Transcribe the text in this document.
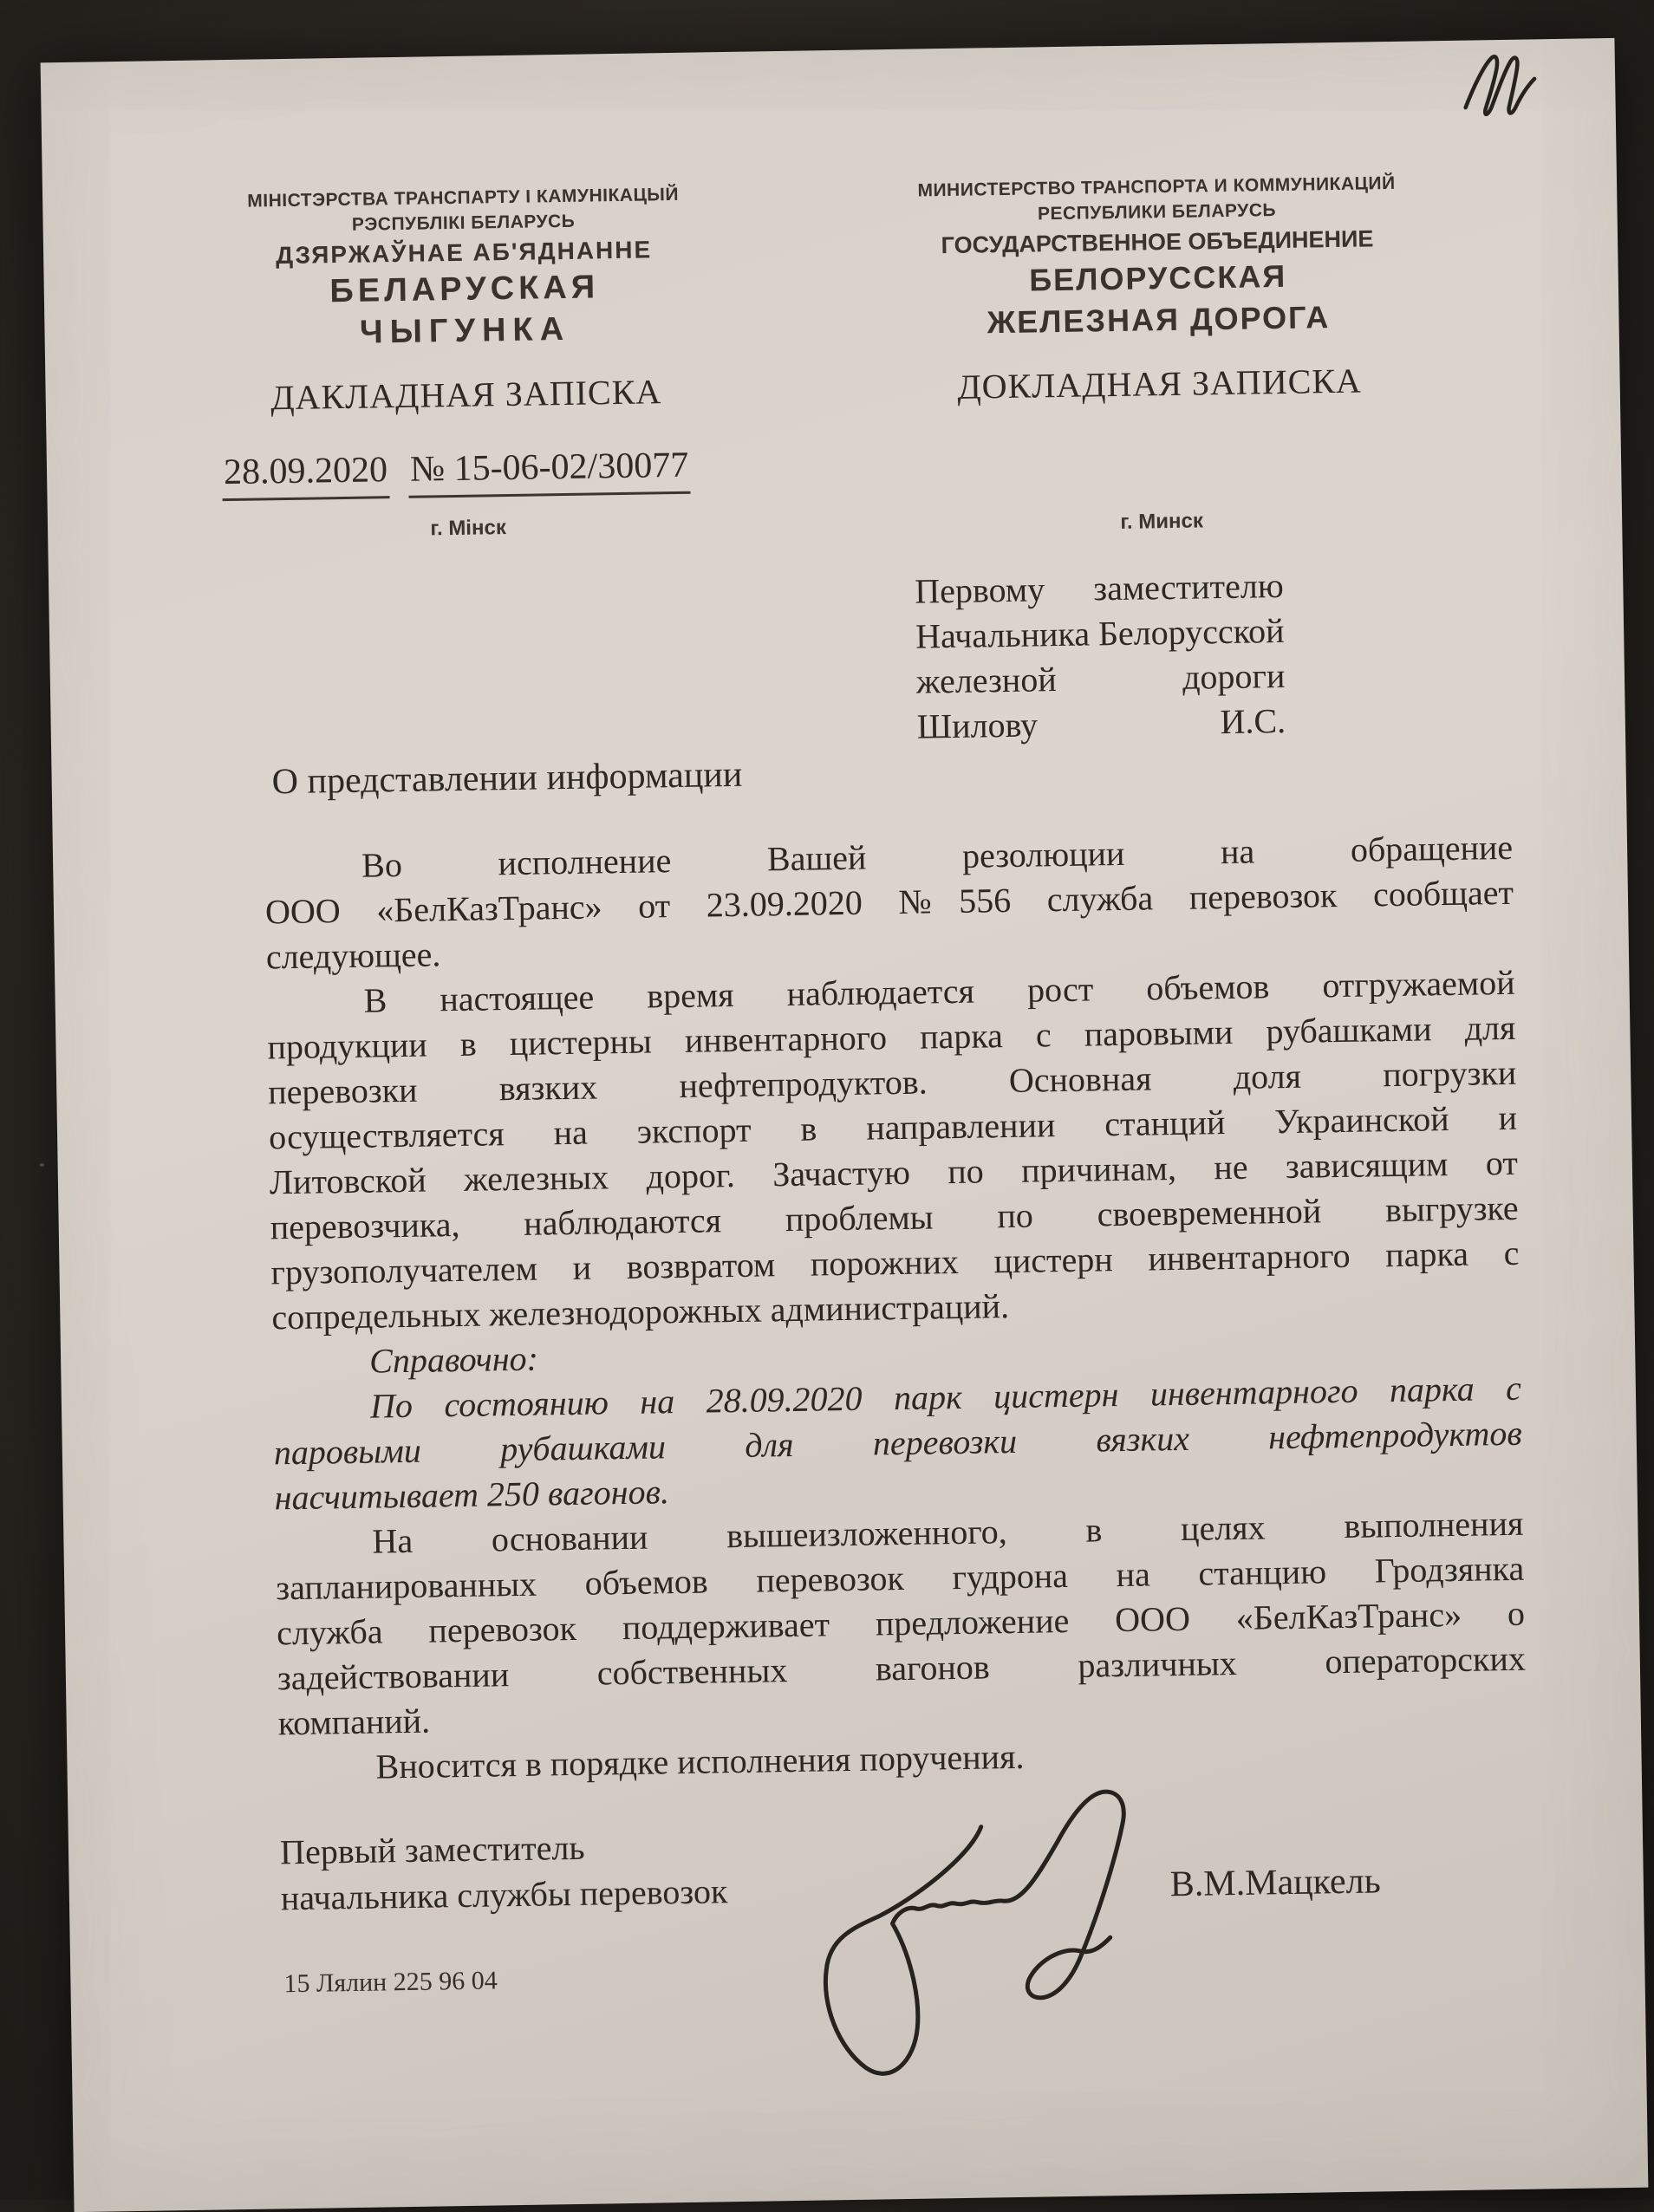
МІНІСТЭРСТВА ТРАНСПАРТУ І КАМУНІКАЦЫЙ
РЭСПУБЛІКІ БЕЛАРУСЬ
ДЗЯРЖАЎНАЕ АБ'ЯДНАННЕ
БЕЛАРУСКАЯ
ЧЫГУНКА
ДАКЛАДНАЯ ЗАПІСКА
МИНИСТЕРСТВО ТРАНСПОРТА И КОММУНИКАЦИЙ
РЕСПУБЛИКИ БЕЛАРУСЬ
ГОСУДАРСТВЕННОЕ ОБЪЕДИНЕНИЕ
БЕЛОРУССКАЯ
ЖЕЛЕЗНАЯ ДОРОГА
ДОКЛАДНАЯ ЗАПИСКА
28.09.2020 № 15-06-02/30077
г. Мінск	г. Минск
Первому заместителю
Начальника Белорусской
железной дороги
Шилову И.С.
О представлении информации
Во исполнение Вашей резолюции на обращение
ООО «БелКазТранс» от 23.09.2020 №556 служба перевозок сообщает
следующее.
В настоящее время наблюдается рост объемов отгружаемой
продукции в цистерны инвентарного парка с паровыми рубашками для
перевозки вязких нефтепродуктов. Основная доля погрузки
осуществляется на экспорт в направлении станций Украинской и
Литовской железных дорог. Зачастую по причинам, не зависящим от
перевозчика, наблюдаются проблемы по своевременной выгрузке
грузополучателем и возвратом порожних цистерн инвентарного парка с
сопредельных железнодорожных администраций.
Справочно:
По состоянию на 28.09.2020 парк цистерн инвентарного парка с
паровыми рубашками для перевозки вязких нефтепродуктов
насчитывает 250 вагонов.
На основании вышеизложенного, в целях выполнения
запланированных объемов перевозок гудрона на станцию Гродзянка
служба перевозок поддерживает предложение ООО «БелКазТранс» о
задействовании собственных вагонов различных операторских
компаний.
Вносится в порядке исполнения поручения.
Первый заместитель
начальника службы перевозок	В.М.Мацкель
15 Лялин 225 96 04
